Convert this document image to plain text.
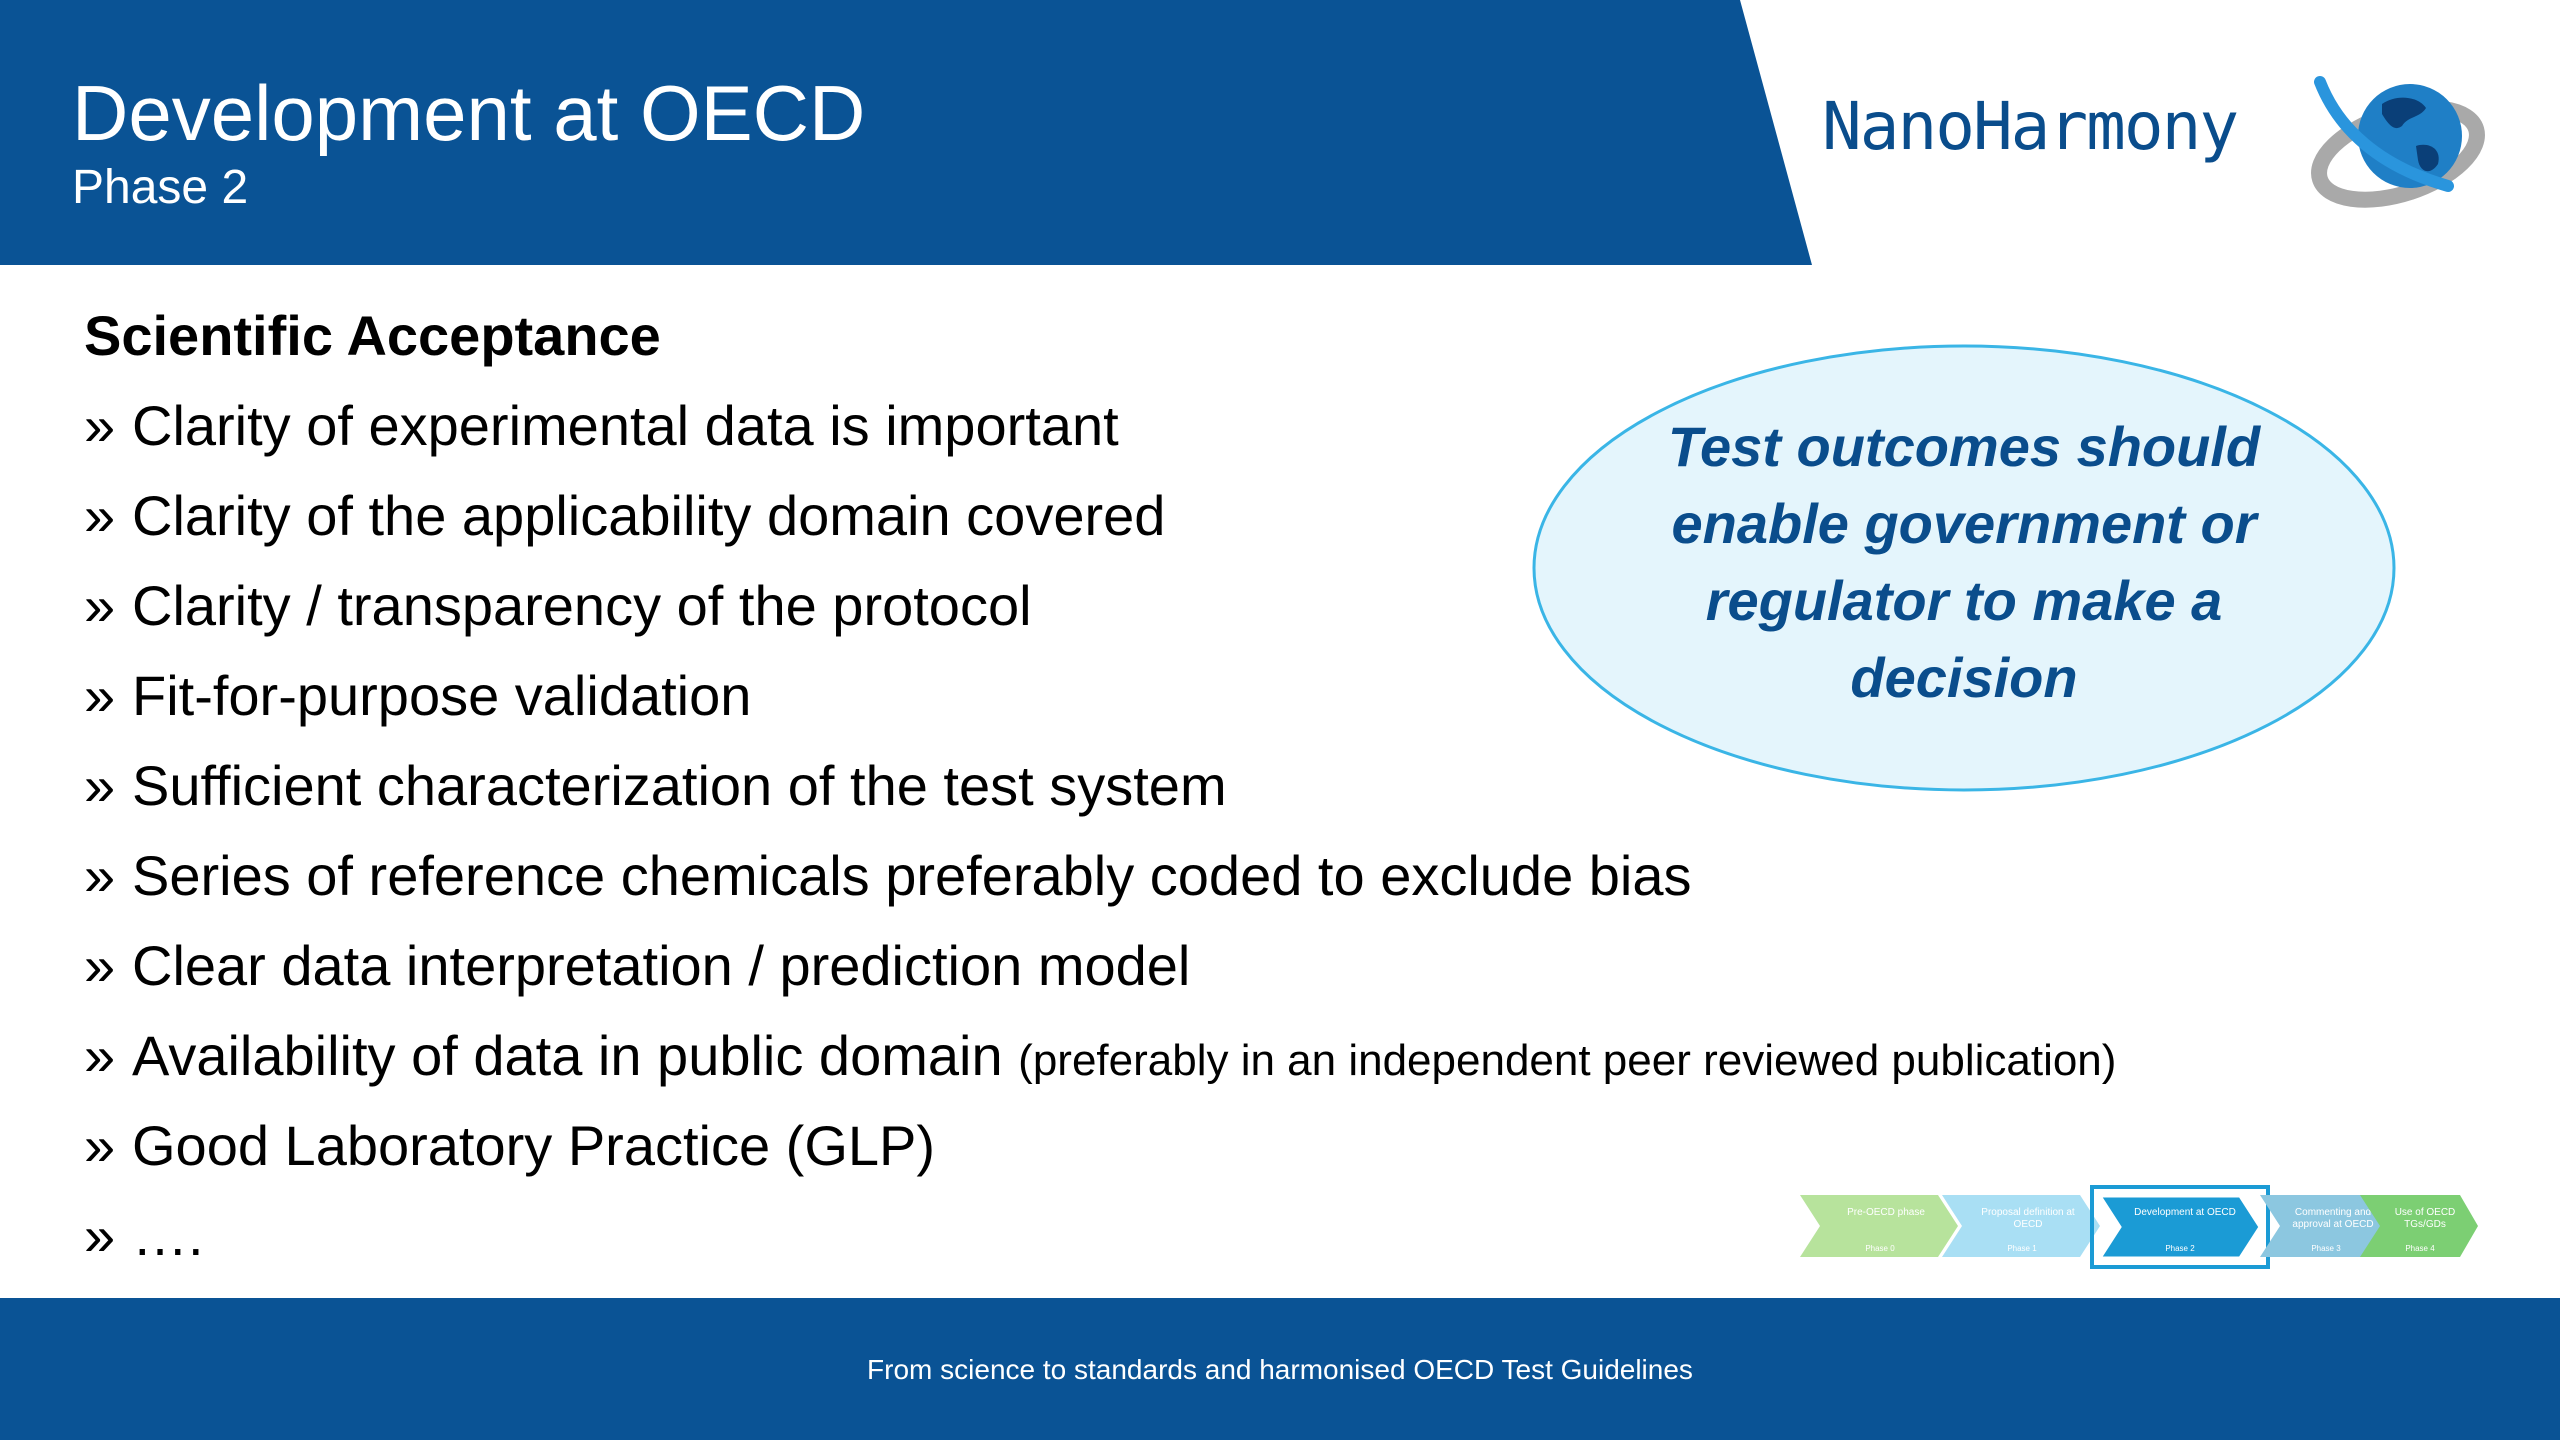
Development at OECD
Phase 2
NanoHarmony
Scientific Acceptance
» Clarity of experimental data is important
» Clarity of the applicability domain covered
» Clarity / transparency of the protocol
» Fit-for-purpose validation
» Sufficient characterization of the test system
» Series of reference chemicals preferably coded to exclude bias
» Clear data interpretation / prediction model
» Availability of data in public domain (preferably in an independent peer reviewed publication)
» Good Laboratory Practice (GLP)
» ….
Test outcomes should
enable government or
regulator to make a
decision
Pre-OECD phase
Phase 0
Proposal definition at OECD
Phase 1
Development at OECD
Phase 2
Commenting and approval at OECD
Phase 3
Use of OECD TGs/GDs
Phase 4
From science to standards and harmonised OECD Test Guidelines
